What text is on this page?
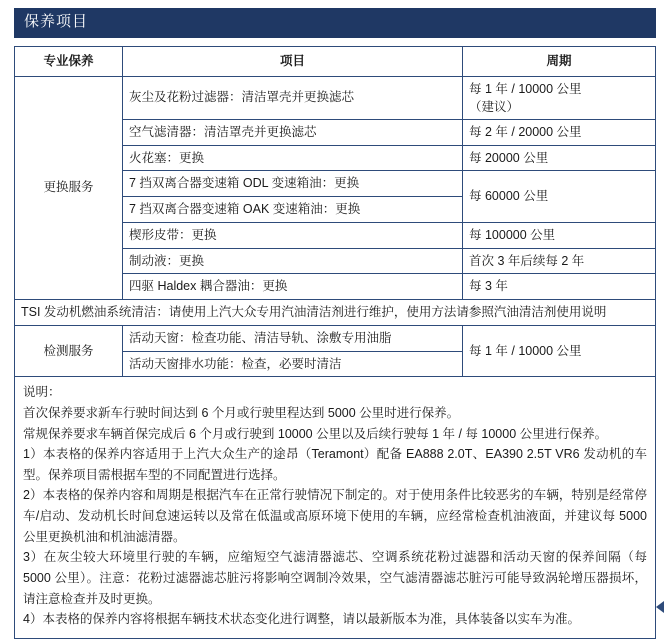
保养项目
专业保养	项目	周期
更换服务	灰尘及花粉过滤器：清洁罩壳并更换滤芯	每 1 年 / 10000 公里
（建议）

	空气滤清器：清洁罩壳并更换滤芯	每 2 年 / 20000 公里
	火花塞：更换	每 20000 公里
	7 挡双离合器变速箱 ODL 变速箱油：更换	每 60000 公里
	7 挡双离合器变速箱 OAK 变速箱油：更换	
	楔形皮带：更换	每 100000 公里
	制动液：更换	首次 3 年后续每 2 年
	四驱 Haldex 耦合器油：更换	每 3 年
TSI 发动机燃油系统清洁：请使用上汽大众专用汽油清洁剂进行维护，使用方法请参照汽油清洁剂使用说明		
检测服务	活动天窗：检查功能、清洁导轨、涂敷专用油脂	每 1 年 / 10000 公里
	活动天窗排水功能：检查，必要时清洁	

说明：

首次保养要求新车行驶时间达到 6 个月或行驶里程达到 5000 公里时进行保养。

常规保养要求车辆首保完成后 6 个月或行驶到 10000 公里以及后续行驶每 1 年 / 每 10000 公里进行保养。

1）本表格的保养内容适用于上汽大众生产的途昂（Teramont）配备 EA888 2.0T、EA390 2.5T VR6 发动机的车型。保养项目需根据车型的不同配置进行选择。

2）本表格的保养内容和周期是根据汽车在正常行驶情况下制定的。对于使用条件比较恶劣的车辆，特别是经常停车/启动、发动机长时间怠速运转以及常在低温或高原环境下使用的车辆，应经常检查机油液面，并建议每 5000 公里更换机油和机油滤清器。

3）在灰尘较大环境里行驶的车辆，应缩短空气滤清器滤芯、空调系统花粉过滤器和活动天窗的保养间隔（每 5000 公里）。注意：花粉过滤器滤芯脏污将影响空调制冷效果，空气滤清器滤芯脏污可能导致涡轮增压器损坏，请注意检查并及时更换。

4）本表格的保养内容将根据车辆技术状态变化进行调整，请以最新版本为准，具体装备以实车为准。
